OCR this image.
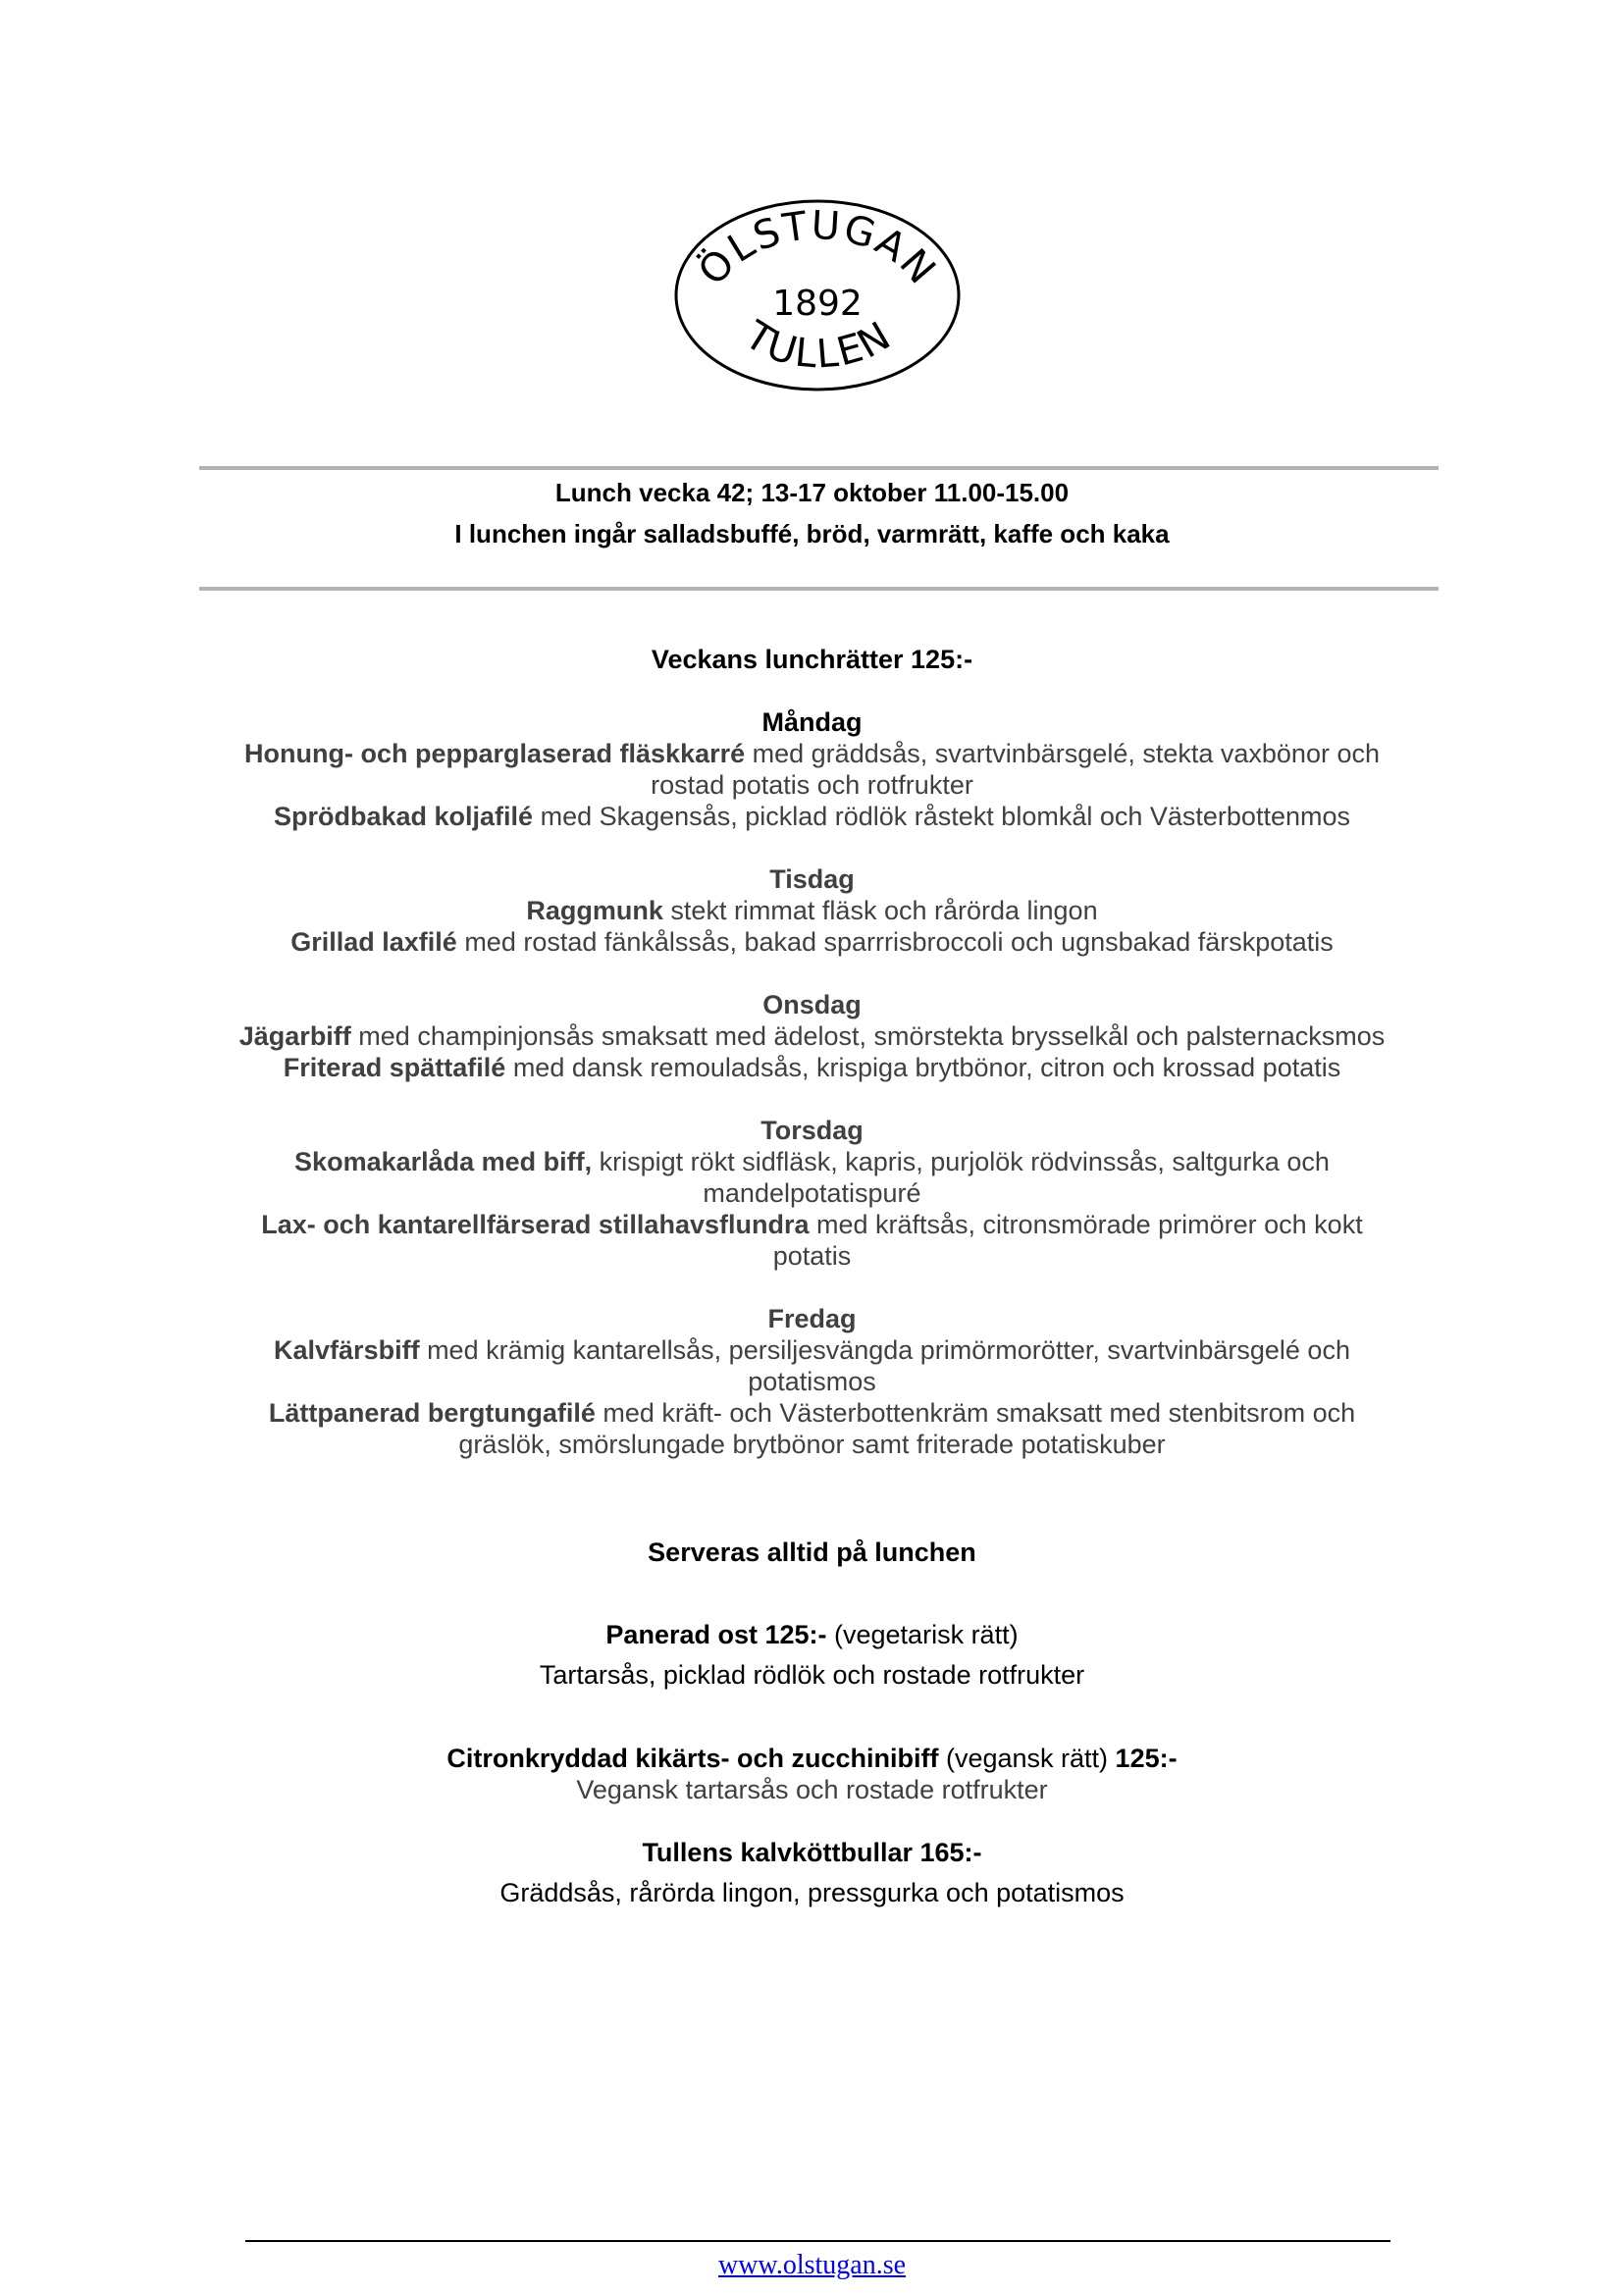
ÖLSTUGAN
1892
TULLEN
Lunch vecka 42; 13-17 oktober 11.00-15.00
I lunchen ingår salladsbuffé, bröd, varmrätt, kaffe och kaka
Veckans lunchrätter 125:-
Måndag

Honung- och pepparglaserad fläskkarré med gräddsås, svartvinbärsgelé, stekta vaxbönor och rostad potatis och rotfrukter

Sprödbakad koljafilé med Skagensås, picklad rödlök råstekt blomkål och Västerbottenmos

Tisdag

Raggmunk stekt rimmat fläsk och rårörda lingon

Grillad laxfilé med rostad fänkålssås, bakad sparrrisbroccoli och ugnsbakad färskpotatis

Onsdag

Jägarbiff med champinjonsås smaksatt med ädelost, smörstekta brysselkål och palsternacksmos

Friterad spättafilé med dansk remouladsås, krispiga brytbönor, citron och krossad potatis

Torsdag

Skomakarlåda med biff, krispigt rökt sidfläsk, kapris, purjolök rödvinssås, saltgurka och mandelpotatispuré

Lax- och kantarellfärserad stillahavsflundra med kräftsås, citronsmörade primörer och kokt potatis

Fredag

Kalvfärsbiff med krämig kantarellsås, persiljesvängda primörmorötter, svartvinbärsgelé och potatismos

Lättpanerad bergtungafilé med kräft- och Västerbottenkräm smaksatt med stenbitsrom och gräslök, smörslungade brytbönor samt friterade potatiskuber

Serveras alltid på lunchen
Panerad ost 125:- (vegetarisk rätt)
Tartarsås, picklad rödlök och rostade rotfrukter
Citronkryddad kikärts- och zucchinibiff (vegansk rätt) 125:-
Vegansk tartarsås och rostade rotfrukter
Tullens kalvköttbullar 165:-
Gräddsås, rårörda lingon, pressgurka och potatismos
www.olstugan.se
